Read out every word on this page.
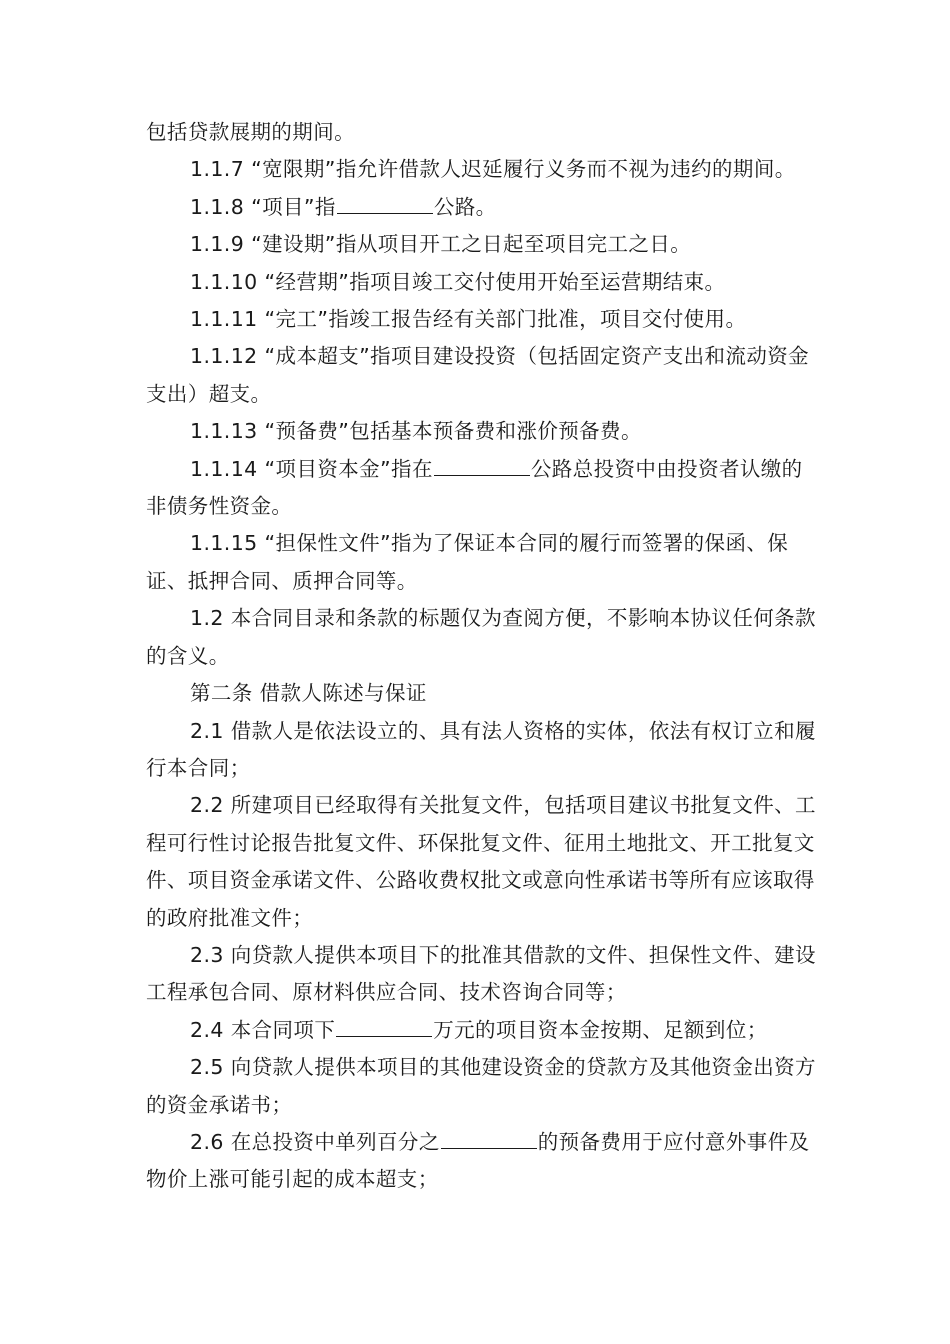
包括贷款展期的期间。

1.1.7 “宽限期”指允许借款人迟延履行义务而不视为违约的期间。

1.1.8 “项目”指	公路。

1.1.9 “建设期”指从项目开工之日起至项目完工之日。

1.1.10 “经营期”指项目竣工交付使用开始至运营期结束。

1.1.11 “完工”指竣工报告经有关部门批准，项目交付使用。

1.1.12 “成本超支”指项目建设投资（包括固定资产支出和流动资金支出）超支。

1.1.13 “预备费”包括基本预备费和涨价预备费。

1.1.14 “项目资本金”指在	公路总投资中由投资者认缴的非债务性资金。

1.1.15 “担保性文件”指为了保证本合同的履行而签署的保函、保证、抵押合同、质押合同等。

1.2 本合同目录和条款的标题仅为查阅方便，不影响本协议任何条款的含义。

第二条 借款人陈述与保证

2.1 借款人是依法设立的、具有法人资格的实体，依法有权订立和履行本合同；

2.2 所建项目已经取得有关批复文件，包括项目建议书批复文件、工程可行性讨论报告批复文件、环保批复文件、征用土地批文、开工批复文件、项目资金承诺文件、公路收费权批文或意向性承诺书等所有应该取得的政府批准文件；

2.3 向贷款人提供本项目下的批准其借款的文件、担保性文件、建设工程承包合同、原材料供应合同、技术咨询合同等；

2.4 本合同项下	万元的项目资本金按期、足额到位；

2.5 向贷款人提供本项目的其他建设资金的贷款方及其他资金出资方的资金承诺书；

2.6 在总投资中单列百分之	的预备费用于应付意外事件及物价上涨可能引起的成本超支；
